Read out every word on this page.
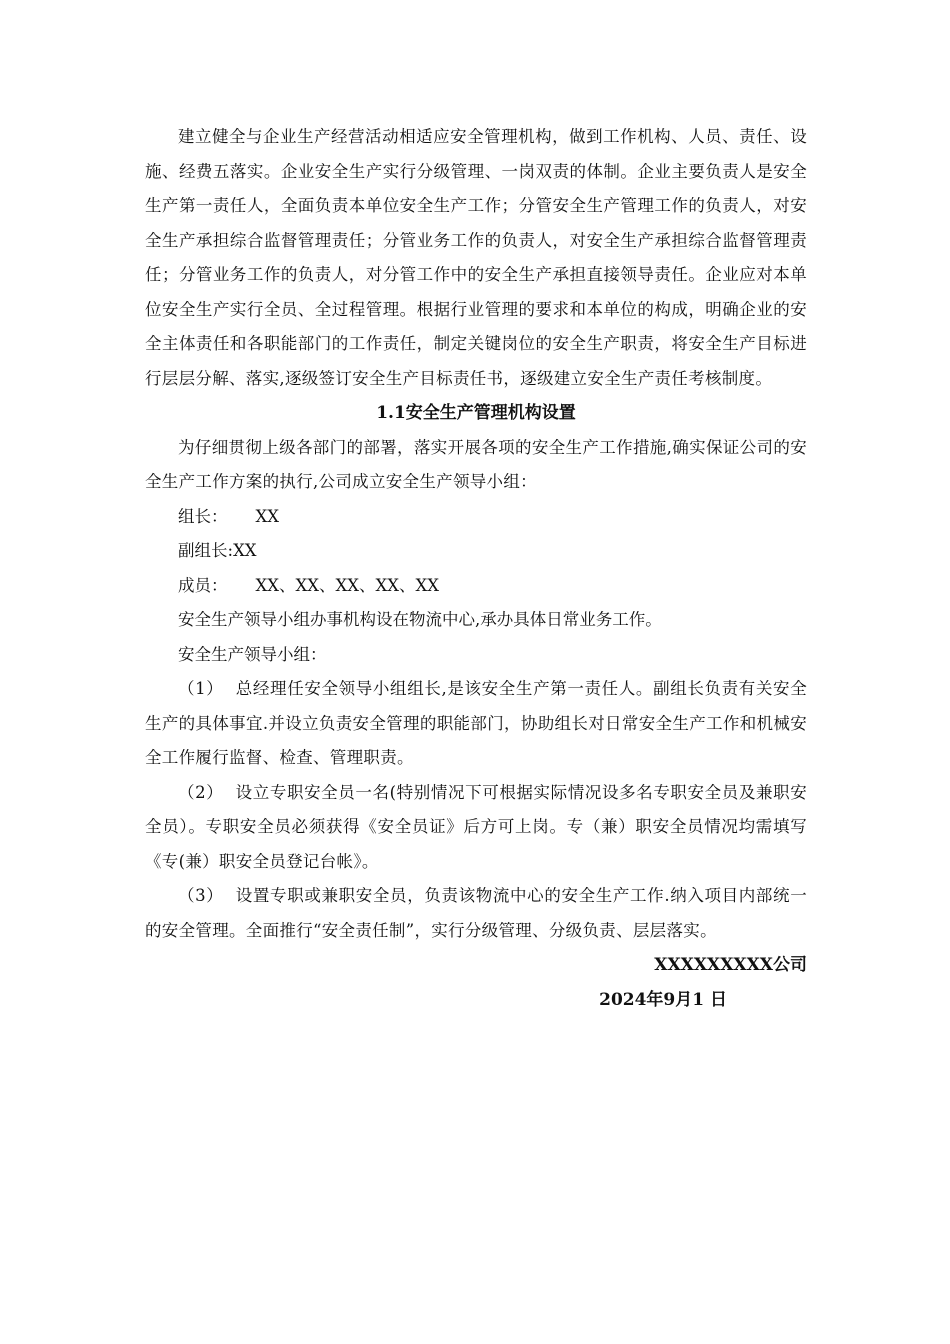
建立健全与企业生产经营活动相适应安全管理机构，做到工作机构、人员、责任、设施、经费五落实。企业安全生产实行分级管理、一岗双责的体制。企业主要负责人是安全生产第一责任人，全面负责本单位安全生产工作；分管安全生产管理工作的负责人，对安全生产承担综合监督管理责任；分管业务工作的负责人，对安全生产承担综合监督管理责任；分管业务工作的负责人，对分管工作中的安全生产承担直接领导责任。企业应对本单位安全生产实行全员、全过程管理。根据行业管理的要求和本单位的构成，明确企业的安全主体责任和各职能部门的工作责任，制定关键岗位的安全生产职责，将安全生产目标进行层层分解、落实,逐级签订安全生产目标责任书，逐级建立安全生产责任考核制度。

1.1安全生产管理机构设置

为仔细贯彻上级各部门的部署，落实开展各项的安全生产工作措施,确实保证公司的安全生产工作方案的执行,公司成立安全生产领导小组：

组长： XX

副组长:XX

成员： XX、XX、XX、XX、XX

安全生产领导小组办事机构设在物流中心,承办具体日常业务工作。

安全生产领导小组：

（1） 总经理任安全领导小组组长,是该安全生产第一责任人。副组长负责有关安全生产的具体事宜.并设立负责安全管理的职能部门，协助组长对日常安全生产工作和机械安全工作履行监督、检查、管理职责。

（2） 设立专职安全员一名(特别情况下可根据实际情况设多名专职安全员及兼职安全员）。专职安全员必须获得《安全员证》后方可上岗。专（兼）职安全员情况均需填写《专(兼）职安全员登记台帐》。

（3） 设置专职或兼职安全员，负责该物流中心的安全生产工作.纳入项目内部统一的安全管理。全面推行“安全责任制”，实行分级管理、分级负责、层层落实。

XXXXXXXXX公司

2024年9月1 日
